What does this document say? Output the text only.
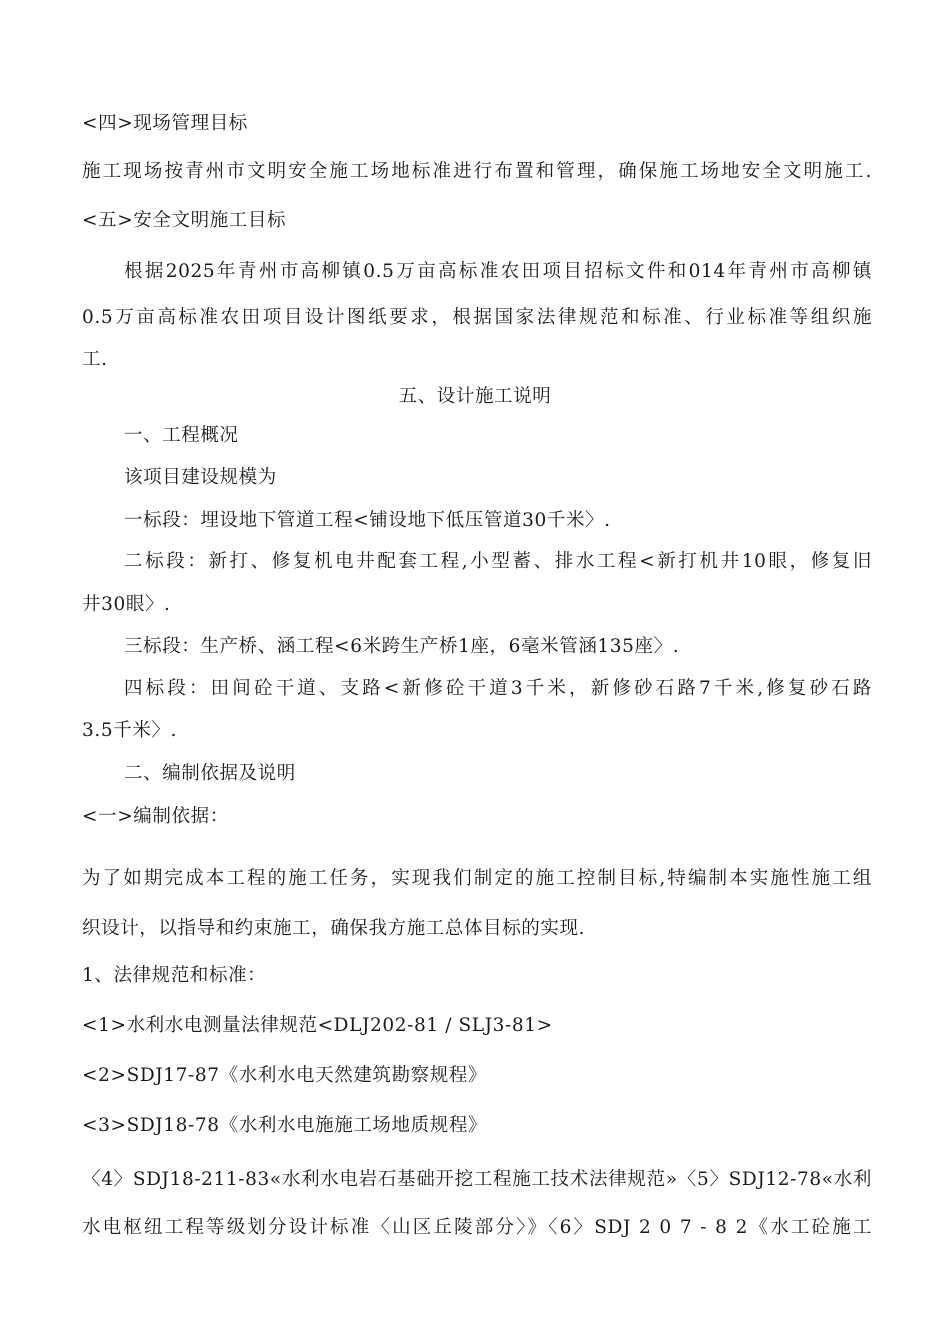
<四>现场管理目标
施工现场按青州市文明安全施工场地标准进行布置和管理，确保施工场地安全文明施工.
<五>安全文明施工目标
根据2025年青州市高柳镇0.5万亩高标准农田项目招标文件和014年青州市高柳镇
0.5万亩高标准农田项目设计图纸要求，根据国家法律规范和标准、行业标准等组织施
工.
五、设计施工说明
一、工程概况
该项目建设规模为
一标段：埋设地下管道工程<铺设地下低压管道30千米〉.
二标段：新打、修复机电井配套工程,小型蓄、排水工程<新打机井10眼，修复旧
井30眼〉.
三标段：生产桥、涵工程<6米跨生产桥1座，6毫米管涵135座〉.
四标段：田间砼干道、支路<新修砼干道3千米，新修砂石路7千米,修复砂石路
3.5千米〉.
二、编制依据及说明
<一>编制依据：
为了如期完成本工程的施工任务，实现我们制定的施工控制目标,特编制本实施性施工组
织设计，以指导和约束施工，确保我方施工总体目标的实现.
1、法律规范和标准：
<1>水利水电测量法律规范<DLJ202-81 / SLJ3-81>
<2>SDJ17-87《水利水电天然建筑勘察规程》
<3>SDJ18-78《水利水电施施工场地质规程》
〈4〉SDJ18-211-83«水利水电岩石基础开挖工程施工技术法律规范»〈5〉SDJ12-78«水利
水电枢纽工程等级划分设计标准〈山区丘陵部分〉》〈6〉SDJ 2 0 7 - 8 2《水工砼施工
